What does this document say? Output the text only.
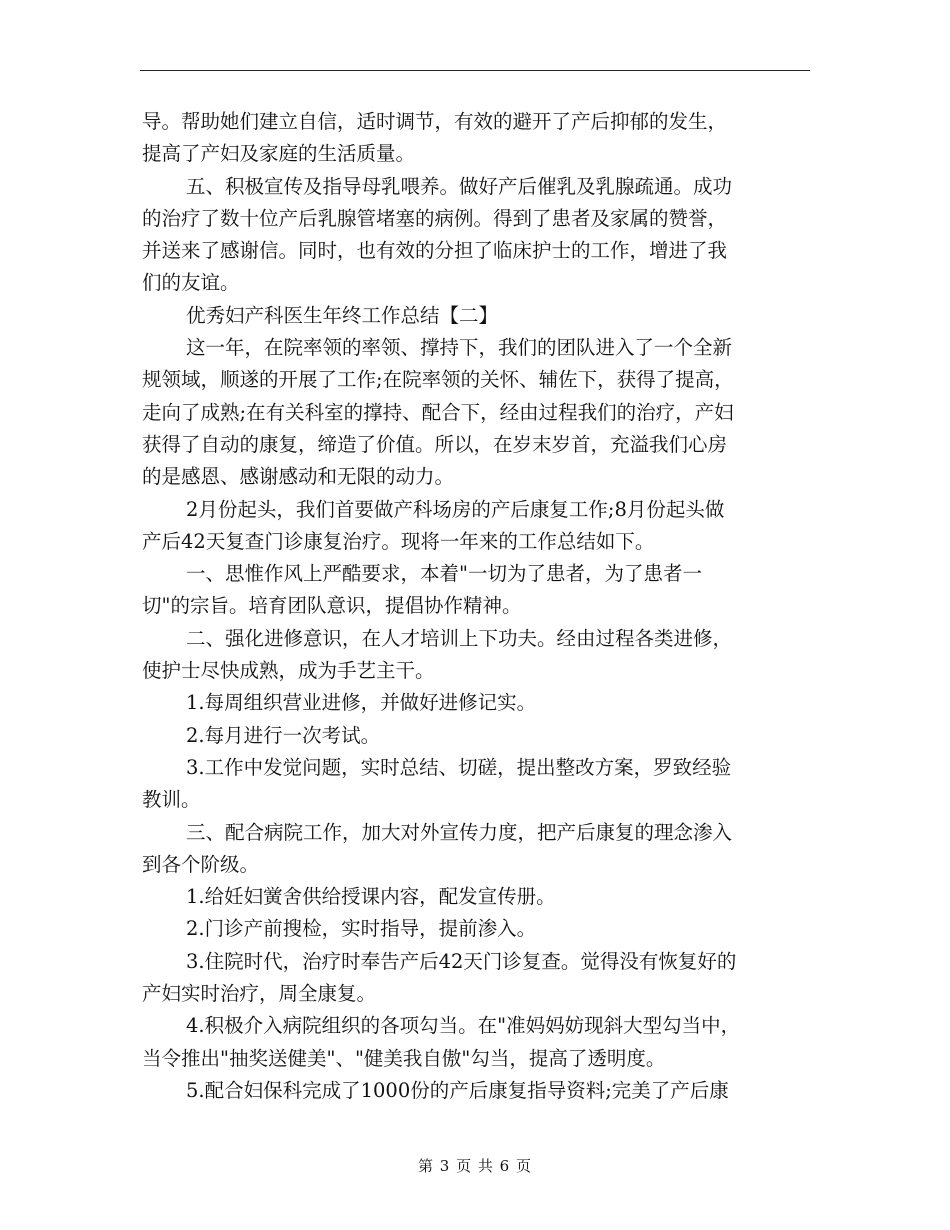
导。帮助她们建立自信，适时调节，有效的避开了产后抑郁的发生，
提高了产妇及家庭的生活质量。
五、积极宣传及指导母乳喂养。做好产后催乳及乳腺疏通。成功
的治疗了数十位产后乳腺管堵塞的病例。得到了患者及家属的赞誉，
并送来了感谢信。同时，也有效的分担了临床护士的工作，增进了我
们的友谊。
优秀妇产科医生年终工作总结【二】
这一年，在院率领的率领、撑持下，我们的团队进入了一个全新
规领域，顺遂的开展了工作;在院率领的关怀、辅佐下，获得了提高，
走向了成熟;在有关科室的撑持、配合下，经由过程我们的治疗，产妇
获得了自动的康复，缔造了价值。所以，在岁末岁首，充溢我们心房
的是感恩、感谢感动和无限的动力。
2月份起头，我们首要做产科场房的产后康复工作;8月份起头做
产后42天复查门诊康复治疗。现将一年来的工作总结如下。
一、思惟作风上严酷要求，本着"一切为了患者，为了患者一
切"的宗旨。培育团队意识，提倡协作精神。
二、强化进修意识，在人才培训上下功夫。经由过程各类进修，
使护士尽快成熟，成为手艺主干。
1.每周组织营业进修，并做好进修记实。
2.每月进行一次考试。
3.工作中发觉问题，实时总结、切磋，提出整改方案，罗致经验
教训。
三、配合病院工作，加大对外宣传力度，把产后康复的理念渗入
到各个阶级。
1.给妊妇黉舍供给授课内容，配发宣传册。
2.门诊产前搜检，实时指导，提前渗入。
3.住院时代，治疗时奉告产后42天门诊复查。觉得没有恢复好的
产妇实时治疗，周全康复。
4.积极介入病院组织的各项勾当。在"准妈妈妨现斜大型勾当中，
当令推出"抽奖送健美"、"健美我自傲"勾当，提高了透明度。
5.配合妇保科完成了1000份的产后康复指导资料;完美了产后康
第 3 页 共 6 页
